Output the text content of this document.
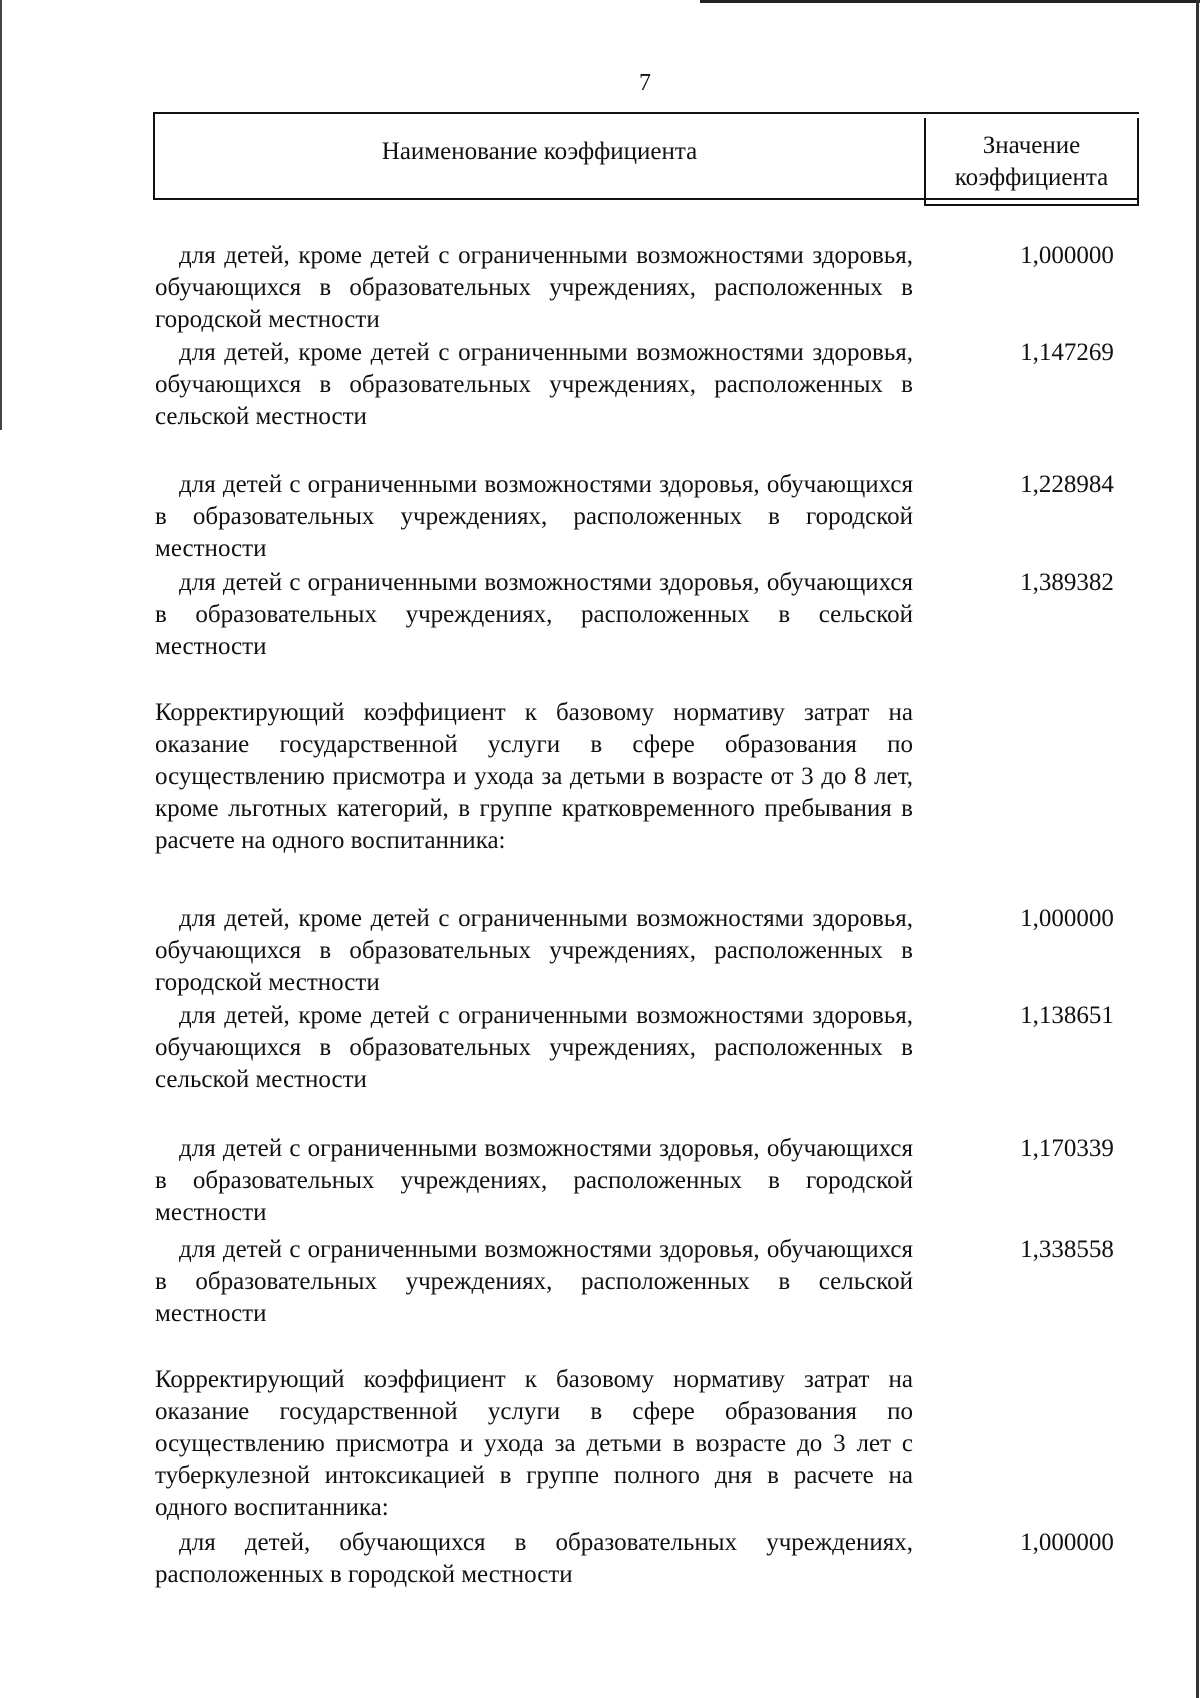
7
Наименование коэффициента	Значение коэффициента
для детей, кроме детей с ограниченными возможностями здоровья, обучающихся в образовательных учреждениях, расположенных в городской местности
1,000000
для детей, кроме детей с ограниченными возможностями здоровья, обучающихся в образовательных учреждениях, расположенных в сельской местности
1,147269
для детей с ограниченными возможностями здоровья, обучающихся в образовательных учреждениях, расположенных в городской местности
1,228984
для детей с ограниченными возможностями здоровья, обучающихся в образовательных учреждениях, расположенных в сельской местности
1,389382
Корректирующий коэффициент к базовому нормативу затрат на оказание государственной услуги в сфере образования по осуществлению присмотра и ухода за детьми в возрасте от 3 до 8 лет, кроме льготных категорий, в группе кратковременного пребывания в расчете на одного воспитанника:
для детей, кроме детей с ограниченными возможностями здоровья, обучающихся в образовательных учреждениях, расположенных в городской местности
1,000000
для детей, кроме детей с ограниченными возможностями здоровья, обучающихся в образовательных учреждениях, расположенных в сельской местности
1,138651
для детей с ограниченными возможностями здоровья, обучающихся в образовательных учреждениях, расположенных в городской местности
1,170339
для детей с ограниченными возможностями здоровья, обучающихся в образовательных учреждениях, расположенных в сельской местности
1,338558
Корректирующий коэффициент к базовому нормативу затрат на оказание государственной услуги в сфере образования по осуществлению присмотра и ухода за детьми в возрасте до 3 лет с туберкулезной интоксикацией в группе полного дня в расчете на одного воспитанника:
для детей, обучающихся в образовательных учреждениях, расположенных в городской местности
1,000000
